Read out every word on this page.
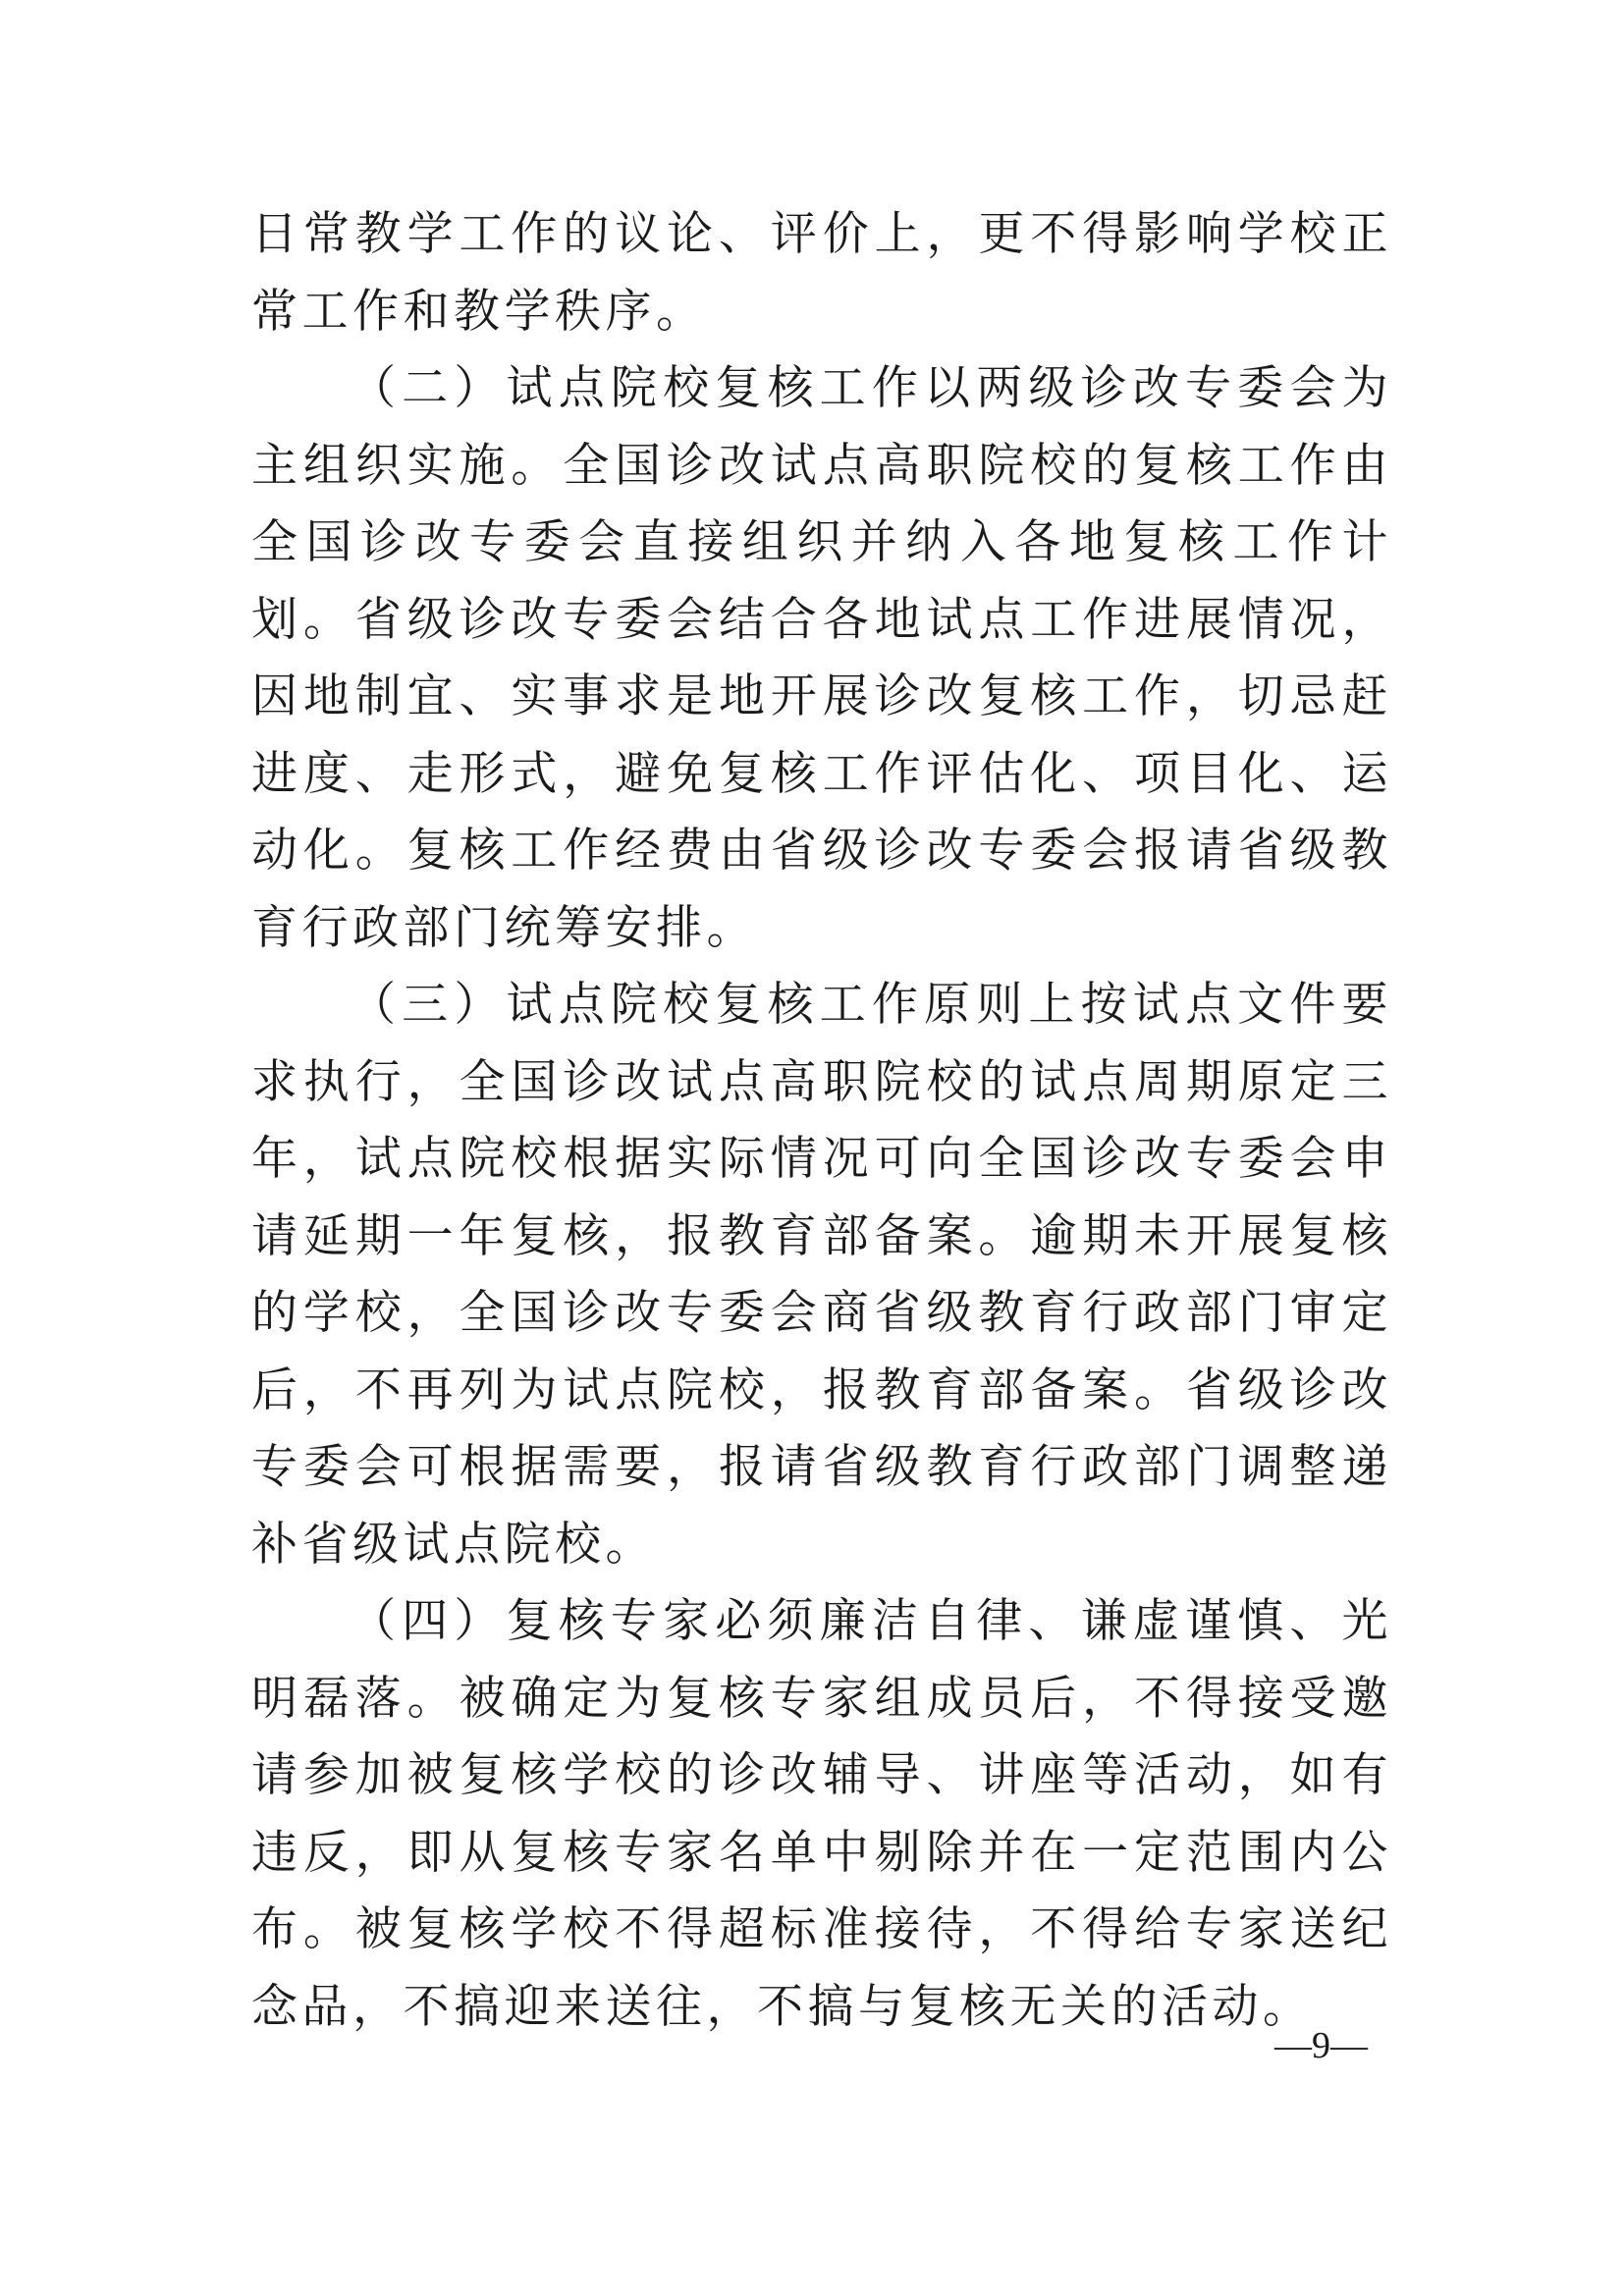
日常教学工作的议论、评价上，更不得影响学校正常工作和教学秩序。

（二）试点院校复核工作以两级诊改专委会为主组织实施。全国诊改试点高职院校的复核工作由全国诊改专委会直接组织并纳入各地复核工作计划。省级诊改专委会结合各地试点工作进展情况，因地制宜、实事求是地开展诊改复核工作，切忌赶进度、走形式，避免复核工作评估化、项目化、运动化。复核工作经费由省级诊改专委会报请省级教育行政部门统筹安排。

（三）试点院校复核工作原则上按试点文件要求执行，全国诊改试点高职院校的试点周期原定三年，试点院校根据实际情况可向全国诊改专委会申请延期一年复核，报教育部备案。逾期未开展复核的学校，全国诊改专委会商省级教育行政部门审定后，不再列为试点院校，报教育部备案。省级诊改专委会可根据需要，报请省级教育行政部门调整递补省级试点院校。

（四）复核专家必须廉洁自律、谦虚谨慎、光明磊落。被确定为复核专家组成员后，不得接受邀请参加被复核学校的诊改辅导、讲座等活动，如有违反，即从复核专家名单中剔除并在一定范围内公布。被复核学校不得超标准接待，不得给专家送纪念品，不搞迎来送往，不搞与复核无关的活动。

—9—
